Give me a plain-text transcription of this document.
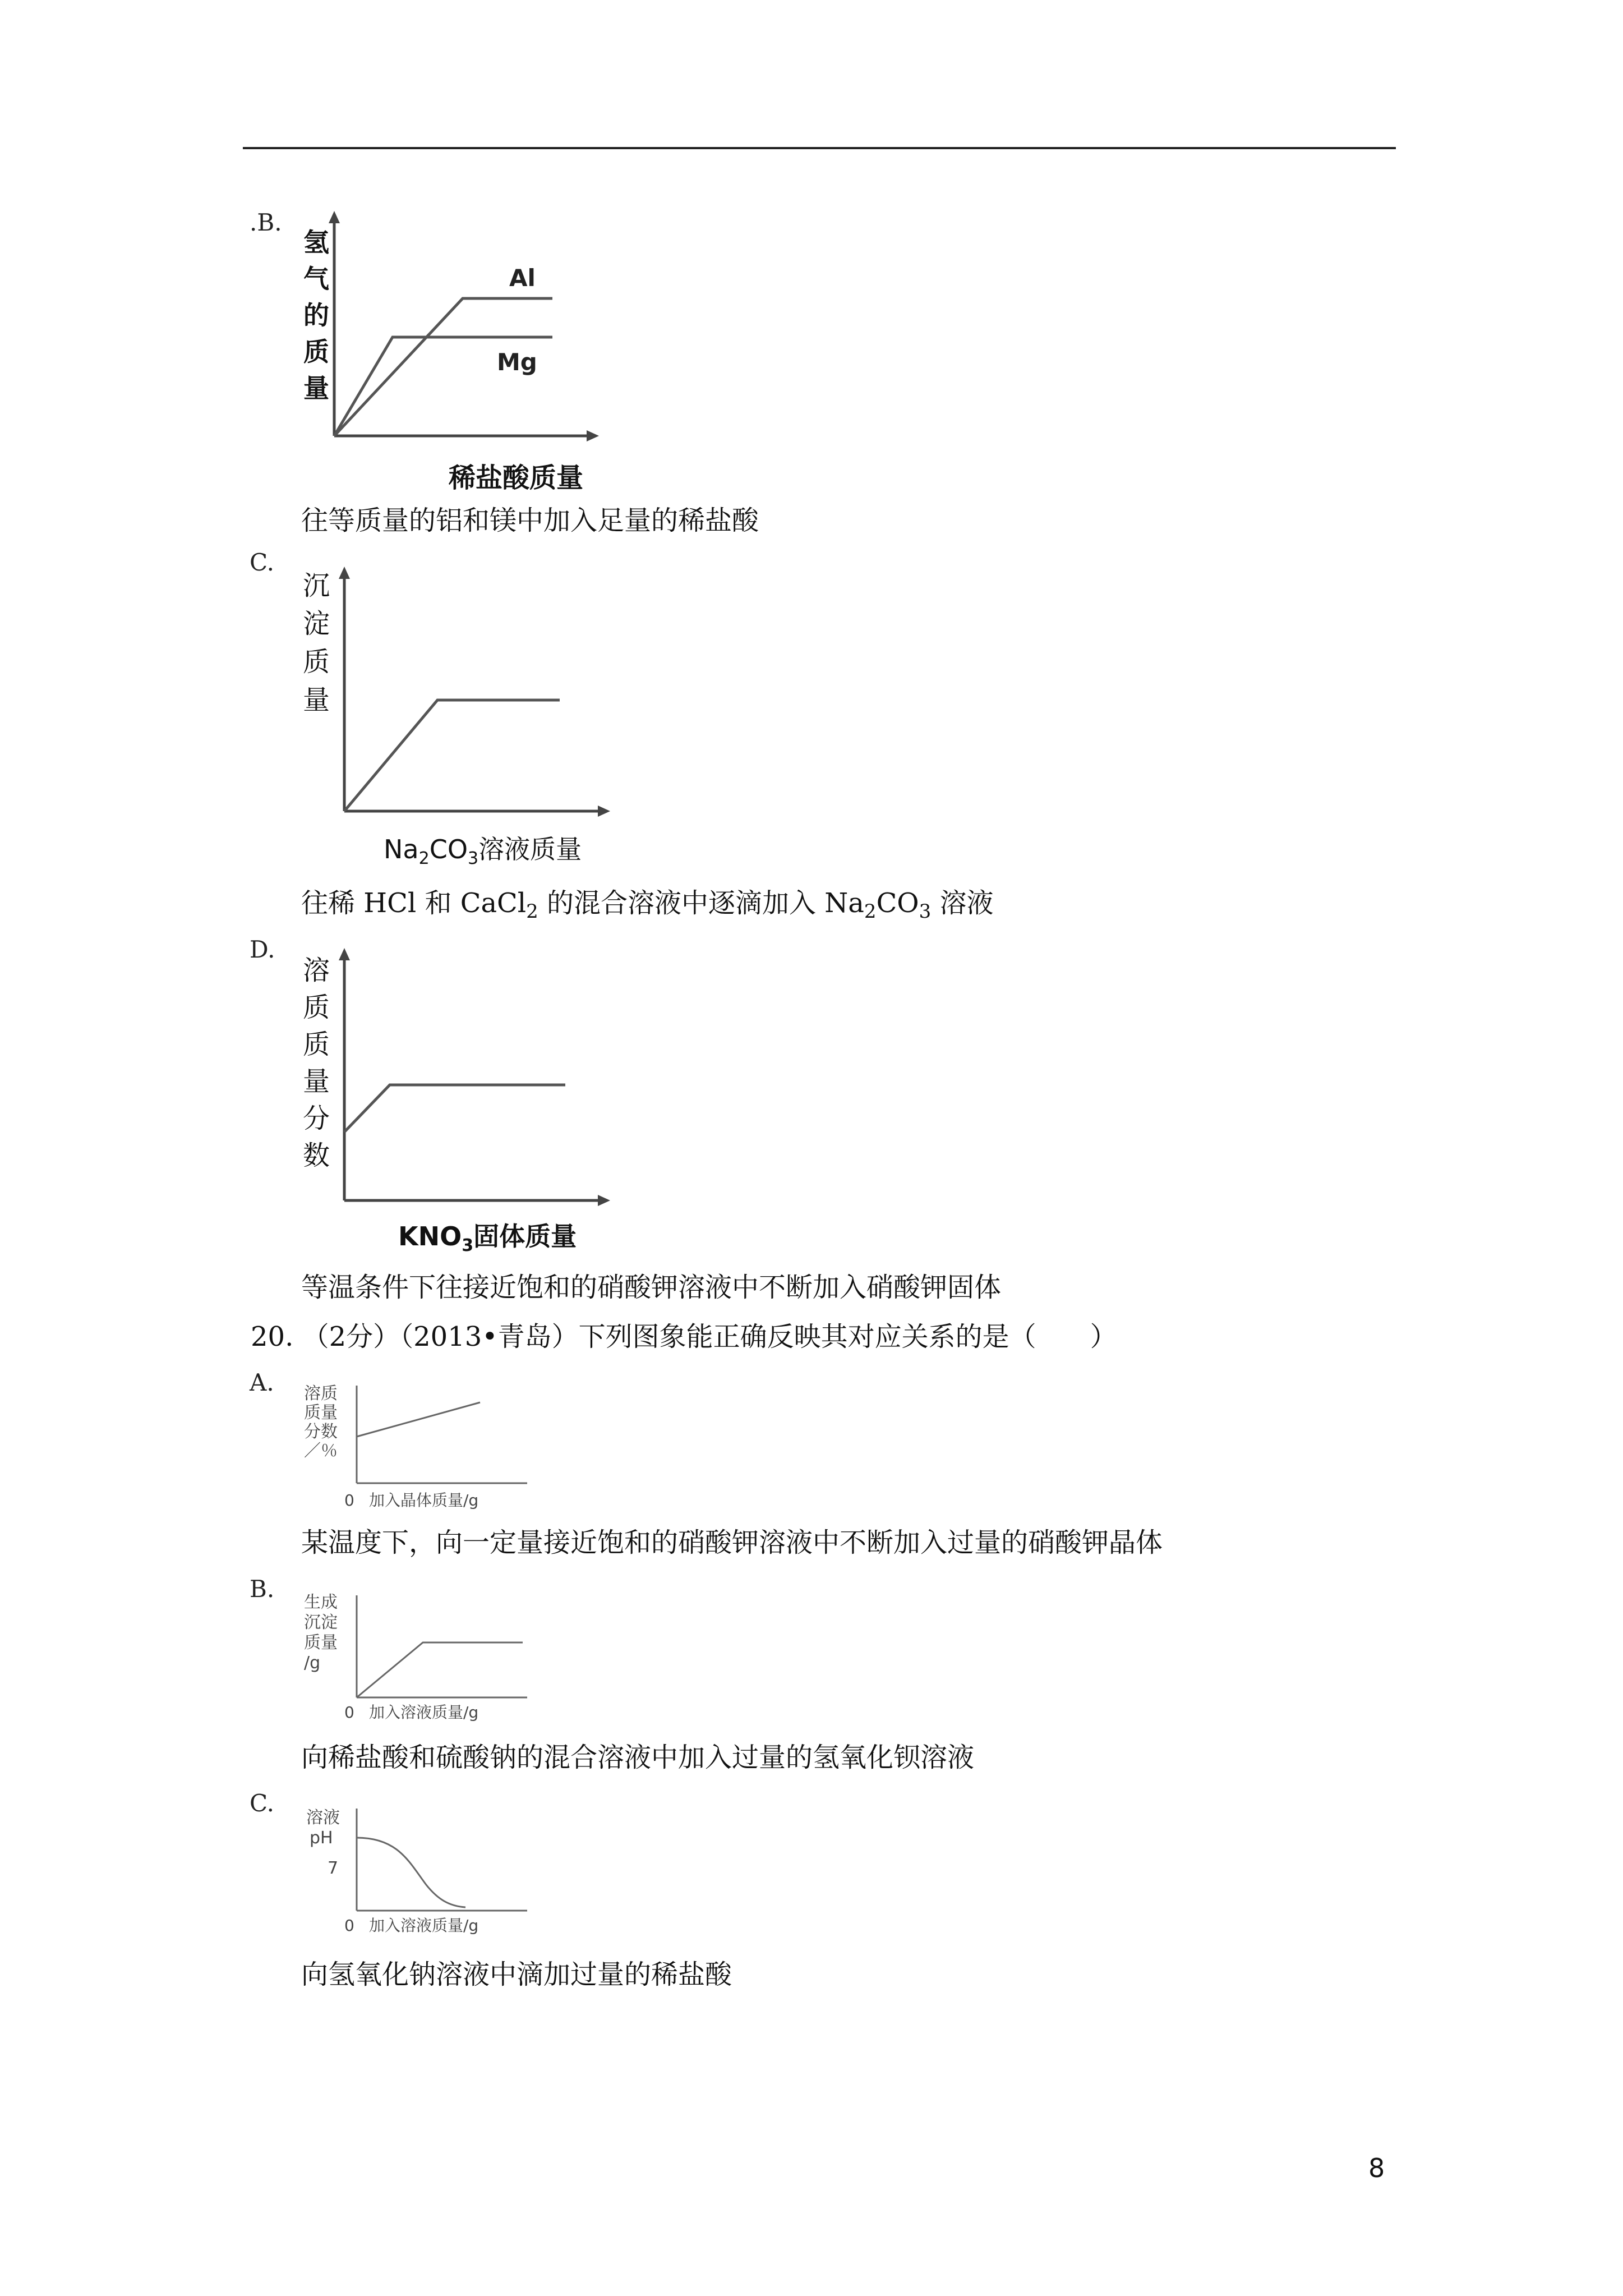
.B.
氢
气
的
质
量
Al
Mg
稀盐酸质量
往等质量的铝和镁中加入足量的稀盐酸
C.
沉
淀
质
量
$Na_2CO_3$溶液质量
往稀 HCl 和 CaCl$_2$ 的混合溶液中逐滴加入 $Na_2CO_3$ 溶液
D.
溶
质
质
量
分
数
$KNO_3$固体质量
等温条件下往接近饱和的硝酸钾溶液中不断加入硝酸钾固体
20. （2分）（2013•青岛）下列图象能正确反映其对应关系的是（　　）
A. 溶质
质量
分数
／％
0 加入晶体质量/g
某温度下，向一定量接近饱和的硝酸钾溶液中不断加入过量的硝酸钾晶体
B. 生成
沉淀
质量
/g
0 加入溶液质量/g
向稀盐酸和硫酸钠的混合溶液中加入过量的氢氧化钡溶液
C.
溶液
pH
7
0 加入溶液质量/g
向氢氧化钠溶液中滴加过量的稀盐酸
8
